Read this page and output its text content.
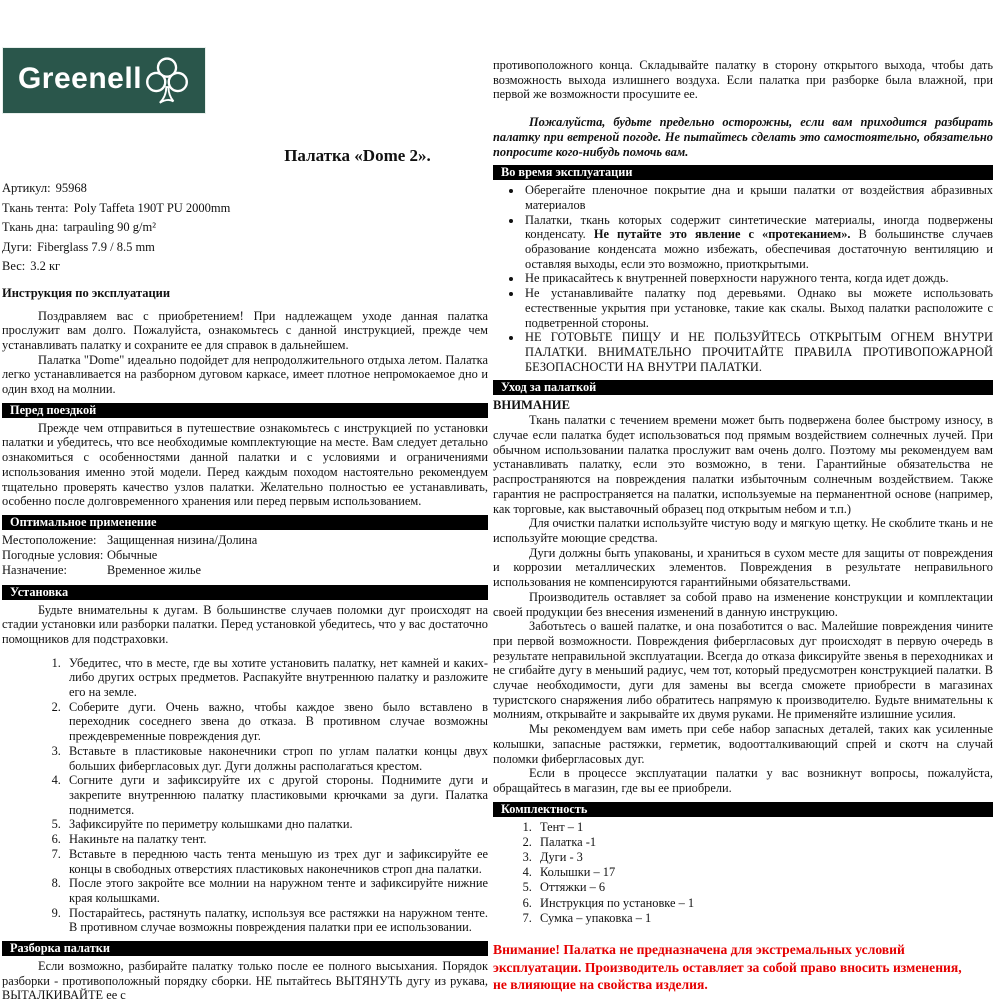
Greenell
Палатка «Dome 2».
Артикул: 95968
Ткань тента: Poly Taffeta 190T PU 2000mm
Ткань дна: tarpauling 90 g/m²
Дуги: Fiberglass 7.9 / 8.5 mm
Вес: 3.2 кг
Инструкция по эксплуатации

Поздравляем вас с приобретением! При надлежащем уходе данная палатка прослужит вам долго. Пожалуйста, ознакомьтесь с данной инструкцией, прежде чем устанавливать палатку и сохраните ее для справок в дальнейшем.

Палатка "Dome" идеально подойдет для непродолжительного отдыха летом. Палатка легко устанавливается на разборном дуговом каркасе, имеет плотное непромокаемое дно и один вход на молнии.

Перед поездкой

Прежде чем отправиться в путешествие ознакомьтесь с инструкцией по установки палатки и убедитесь, что все необходимые комплектующие на месте. Вам следует детально ознакомиться с особенностями данной палатки и с условиями и ограничениями использования именно этой модели. Перед каждым походом настоятельно рекомендуем тщательно проверять качество узлов палатки. Желательно полностью ее устанавливать, особенно после долговременного хранения или перед первым использованием.

Оптимальное применение
Местоположение: Защищенная низина/Долина
Погодные условия: Обычные
Назначение:	Временное жилье
Установка

Будьте внимательны к дугам. В большинстве случаев поломки дуг происходят на стадии установки или разборки палатки. Перед установкой убедитесь, что у вас достаточно помощников для подстраховки.

1. Убедитес, что в месте, где вы хотите установить палатку, нет камней и каких-либо других острых предметов. Распакуйте внутреннюю палатку и разложите его на земле.
2. Соберите дуги. Очень важно, чтобы каждое звено было вставлено в переходник соседнего звена до отказа. В противном случае возможны преждевременные повреждения дуг.
3. Вставьте в пластиковые наконечники строп по углам палатки концы двух больших фибергласовых дуг. Дуги должны располагаться крестом.
4. Согните дуги и зафиксируйте их с другой стороны. Поднимите дуги и закрепите внутреннюю палатку пластиковыми крючками за дуги. Палатка поднимется.
5. Зафиксируйте по периметру колышками дно палатки.
6. Накиньте на палатку тент.
7. Вставьте в переднюю часть тента меньшую из трех дуг и зафиксируйте ее концы в свободных отверстиях пластиковых наконечников строп дна палатки.
8. После этого закройте все молнии на наружном тенте и зафиксируйте нижние края колышками.
9. Постарайтесь, растянуть палатку, используя все растяжки на наружном тенте. В противном случае возможны повреждения палатки при ее использовании.
Разборка палатки

Если возможно, разбирайте палатку только после ее полного высыхания. Порядок разборки - противоположный порядку сборки. НЕ пытайтесь ВЫТЯНУТЬ дугу из рукава, ВЫТАЛКИВАЙТЕ ее с

противоположного конца. Складывайте палатку в сторону открытого выхода, чтобы дать возможность выхода излишнего воздуха. Если палатка при разборке была влажной, при первой же возможности просушите ее.

Пожалуйста, будьте предельно осторожны, если вам приходится разбирать палатку при ветреной погоде. Не пытайтесь сделать это самостоятельно, обязательно попросите кого-нибудь помочь вам.

Во время эксплуатации
• Оберегайте пленочное покрытие дна и крыши палатки от воздействия абразивных материалов
• Палатки, ткань которых содержит синтетические материалы, иногда подвержены конденсату. Не путайте это явление с «протеканием». В большинстве случаев образование конденсата можно избежать, обеспечивая достаточную вентиляцию и оставляя выходы, если это возможно, приоткрытыми.
• Не прикасайтесь к внутренней поверхности наружного тента, когда идет дождь.
• Не устанавливайте палатку под деревьями. Однако вы можете использовать естественные укрытия при установке, такие как скалы. Выход палатки расположите с подветренной стороны.
• НЕ ГОТОВЬТЕ ПИЩУ И НЕ ПОЛЬЗУЙТЕСЬ ОТКРЫТЫМ ОГНЕМ ВНУТРИ ПАЛАТКИ. ВНИМАТЕЛЬНО ПРОЧИТАЙТЕ ПРАВИЛА ПРОТИВОПОЖАРНОЙ БЕЗОПАСНОСТИ НА ВНУТРИ ПАЛАТКИ.
Уход за палаткой
ВНИМАНИЕ

Ткань палатки с течением времени может быть подвержена более быстрому износу, в случае если палатка будет использоваться под прямым воздействием солнечных лучей. При обычном использовании палатка прослужит вам очень долго. Поэтому мы рекомендуем вам устанавливать палатку, если это возможно, в тени. Гарантийные обязательства не распространяются на повреждения палатки избыточным солнечным воздействием. Также гарантия не распространяется на палатки, используемые на перманентной основе (например, как торговые, как выставочный образец под открытым небом и т.п.)

Для очистки палатки используйте чистую воду и мягкую щетку. Не скоблите ткань и не используйте моющие средства.

Дуги должны быть упакованы, и храниться в сухом месте для защиты от повреждения и коррозии металлических элементов. Повреждения в результате неправильного использования не компенсируются гарантийными обязательствами.

Производитель оставляет за собой право на изменение конструкции и комплектации своей продукции без внесения изменений в данную инструкцию.

Заботьтесь о вашей палатке, и она позаботится о вас. Малейшие повреждения чините при первой возможности. Повреждения фибергласовых дуг происходят в первую очередь в результате неправильной эксплуатации. Всегда до отказа фиксируйте звенья в переходниках и не сгибайте дугу в меньший радиус, чем тот, который предусмотрен конструкцией палатки. В случае необходимости, дуги для замены вы всегда сможете приобрести в магазинах туристского снаряжения либо обратитесь напрямую к производителю. Будьте внимательны к молниям, открывайте и закрывайте их двумя руками. Не применяйте излишние усилия.

Мы рекомендуем вам иметь при себе набор запасных деталей, таких как усиленные колышки, запасные растяжки, герметик, водоотталкивающий спрей и скотч на случай поломки фибергласовых дуг.

Если в процессе эксплуатации палатки у вас возникнут вопросы, пожалуйста, обращайтесь в магазин, где вы ее приобрели.

Комплектность
1. Тент – 1
2. Палатка -1
3. Дуги - 3
4. Колышки – 17
5. Оттяжки – 6
6. Инструкция по установке – 1
7. Сумка – упаковка – 1

Внимание! Палатка не предназначена для экстремальных условий эксплуатации. Производитель оставляет за собой право вносить изменения, не влияющие на свойства изделия.
